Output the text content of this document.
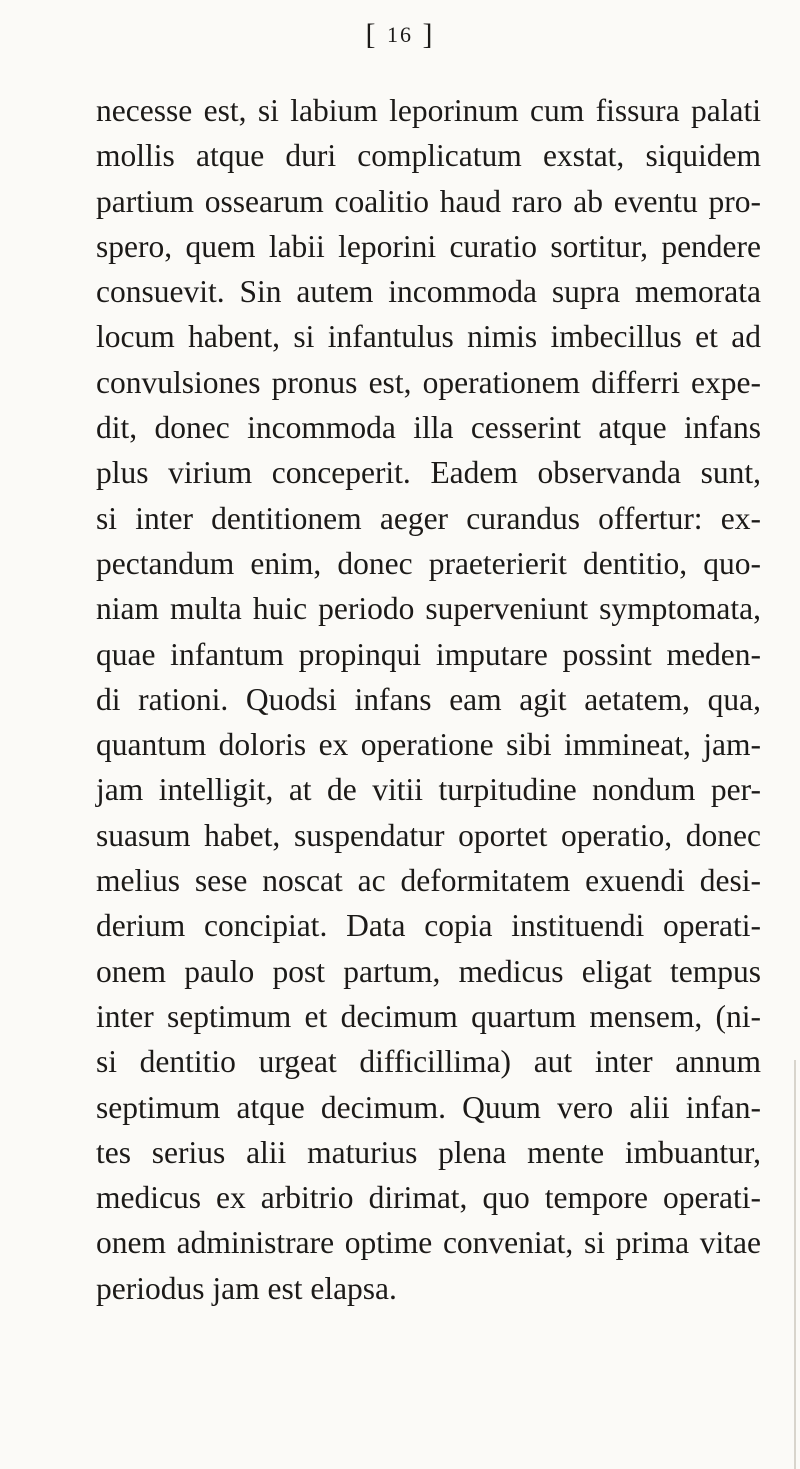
[ 16 ]
necesse est, si labium leporinum cum fissura palati
mollis atque duri complicatum exstat, siquidem
partium ossearum coalitio haud raro ab eventu pro-
spero, quem labii leporini curatio sortitur, pendere
consuevit. Sin autem incommoda supra memorata
locum habent, si infantulus nimis imbecillus et ad
convulsiones pronus est, operationem differri expe-
dit, donec incommoda illa cesserint atque infans
plus virium conceperit. Eadem observanda sunt,
si inter dentitionem aeger curandus offertur: ex-
pectandum enim, donec praeterierit dentitio, quo-
niam multa huic periodo superveniunt symptomata,
quae infantum propinqui imputare possint meden-
di rationi. Quodsi infans eam agit aetatem, qua,
quantum doloris ex operatione sibi immineat, jam-
jam intelligit, at de vitii turpitudine nondum per-
suasum habet, suspendatur oportet operatio, donec
melius sese noscat ac deformitatem exuendi desi-
derium concipiat. Data copia instituendi operati-
onem paulo post partum, medicus eligat tempus
inter septimum et decimum quartum mensem, (ni-
si dentitio urgeat difficillima) aut inter annum
septimum atque decimum. Quum vero alii infan-
tes serius alii maturius plena mente imbuantur,
medicus ex arbitrio dirimat, quo tempore operati-
onem administrare optime conveniat, si prima vitae
periodus jam est elapsa.
